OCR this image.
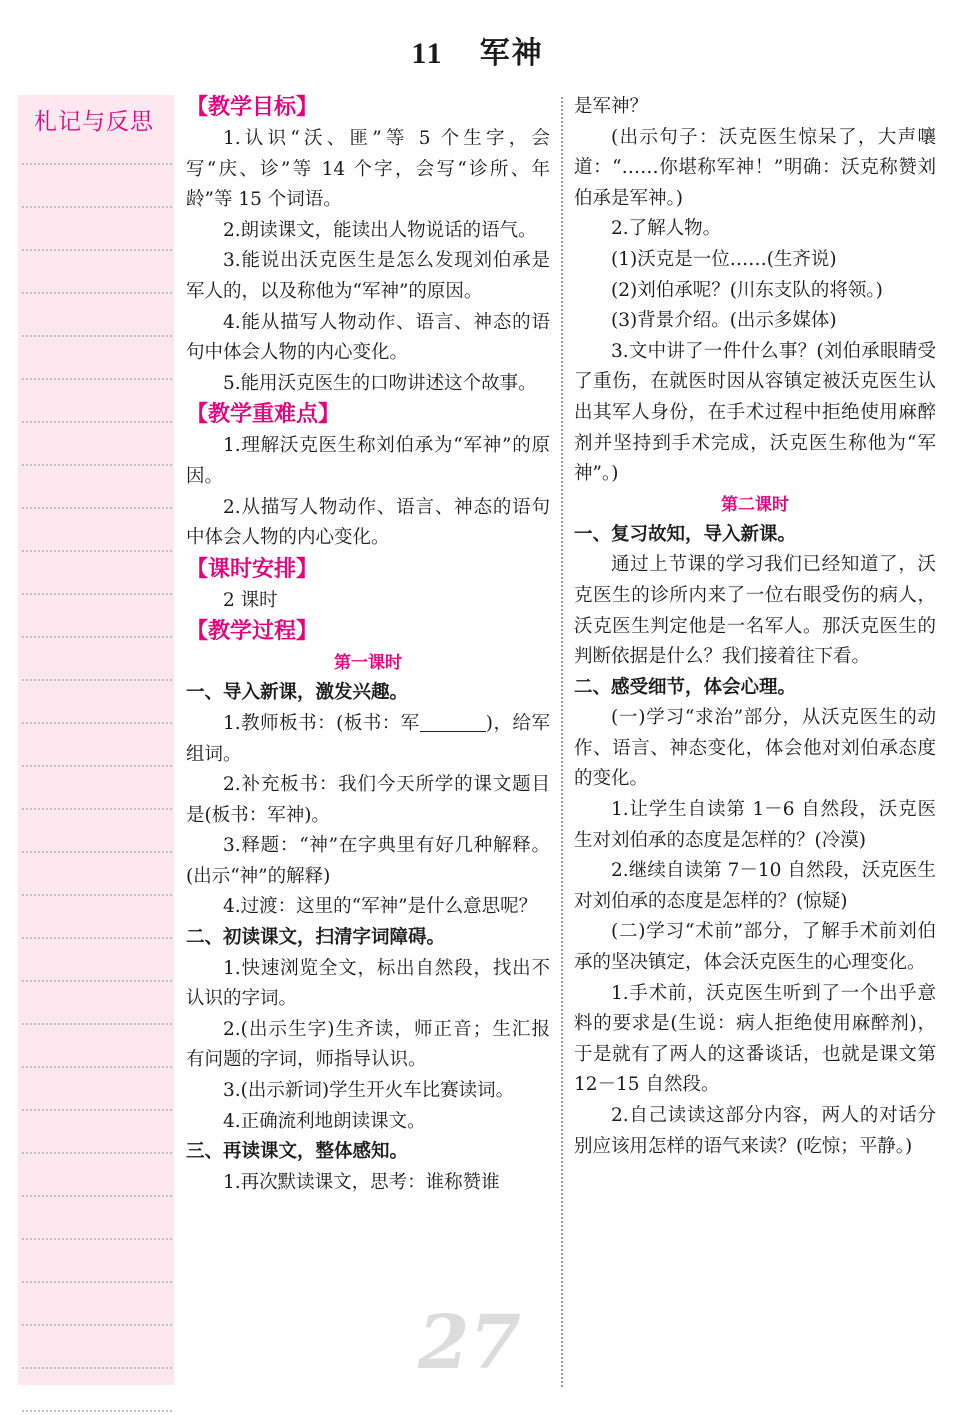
11 军神
札记与反思

【教学目标】

1.认识“沃、匪”等 5 个生字，会写“庆、诊”等 14 个字，会写“诊所、年龄”等 15 个词语。

2.朗读课文，能读出人物说话的语气。

3.能说出沃克医生是怎么发现刘伯承是军人的，以及称他为“军神”的原因。

4.能从描写人物动作、语言、神态的语句中体会人物的内心变化。

5.能用沃克医生的口吻讲述这个故事。

【教学重难点】

1.理解沃克医生称刘伯承为“军神”的原因。

2.从描写人物动作、语言、神态的语句中体会人物的内心变化。

【课时安排】

2 课时

【教学过程】

第一课时

一、导入新课，激发兴趣。

1.教师板书：(板书：军	)，给军组词。

2.补充板书：我们今天所学的课文题目是(板书：军神)。

3.释题：“神”在字典里有好几种解释。(出示“神”的解释)

4.过渡：这里的“军神”是什么意思呢？

二、初读课文，扫清字词障碍。

1.快速浏览全文，标出自然段，找出不认识的字词。

2.(出示生字)生齐读，师正音；生汇报有问题的字词，师指导认识。

3.(出示新词)学生开火车比赛读词。

4.正确流利地朗读课文。

三、再读课文，整体感知。

1.再次默读课文，思考：谁称赞谁

是军神？

(出示句子：沃克医生惊呆了，大声嚷道：“……你堪称军神！”明确：沃克称赞刘伯承是军神。)

2.了解人物。

(1)沃克是一位……(生齐说)

(2)刘伯承呢？(川东支队的将领。)

(3)背景介绍。(出示多媒体)

3.文中讲了一件什么事？(刘伯承眼睛受了重伤，在就医时因从容镇定被沃克医生认出其军人身份，在手术过程中拒绝使用麻醉剂并坚持到手术完成，沃克医生称他为“军神”。)

第二课时

一、复习故知，导入新课。

通过上节课的学习我们已经知道了，沃克医生的诊所内来了一位右眼受伤的病人，沃克医生判定他是一名军人。那沃克医生的判断依据是什么？我们接着往下看。

二、感受细节，体会心理。

(一)学习“求治”部分，从沃克医生的动作、语言、神态变化，体会他对刘伯承态度的变化。

1.让学生自读第 1－6 自然段，沃克医生对刘伯承的态度是怎样的？(冷漠)

2.继续自读第 7－10 自然段，沃克医生对刘伯承的态度是怎样的？(惊疑)

(二)学习“术前”部分，了解手术前刘伯承的坚决镇定，体会沃克医生的心理变化。

1.手术前，沃克医生听到了一个出乎意料的要求是(生说：病人拒绝使用麻醉剂)，于是就有了两人的这番谈话，也就是课文第 12－15 自然段。

2.自己读读这部分内容，两人的对话分别应该用怎样的语气来读？(吃惊；平静。)

27
